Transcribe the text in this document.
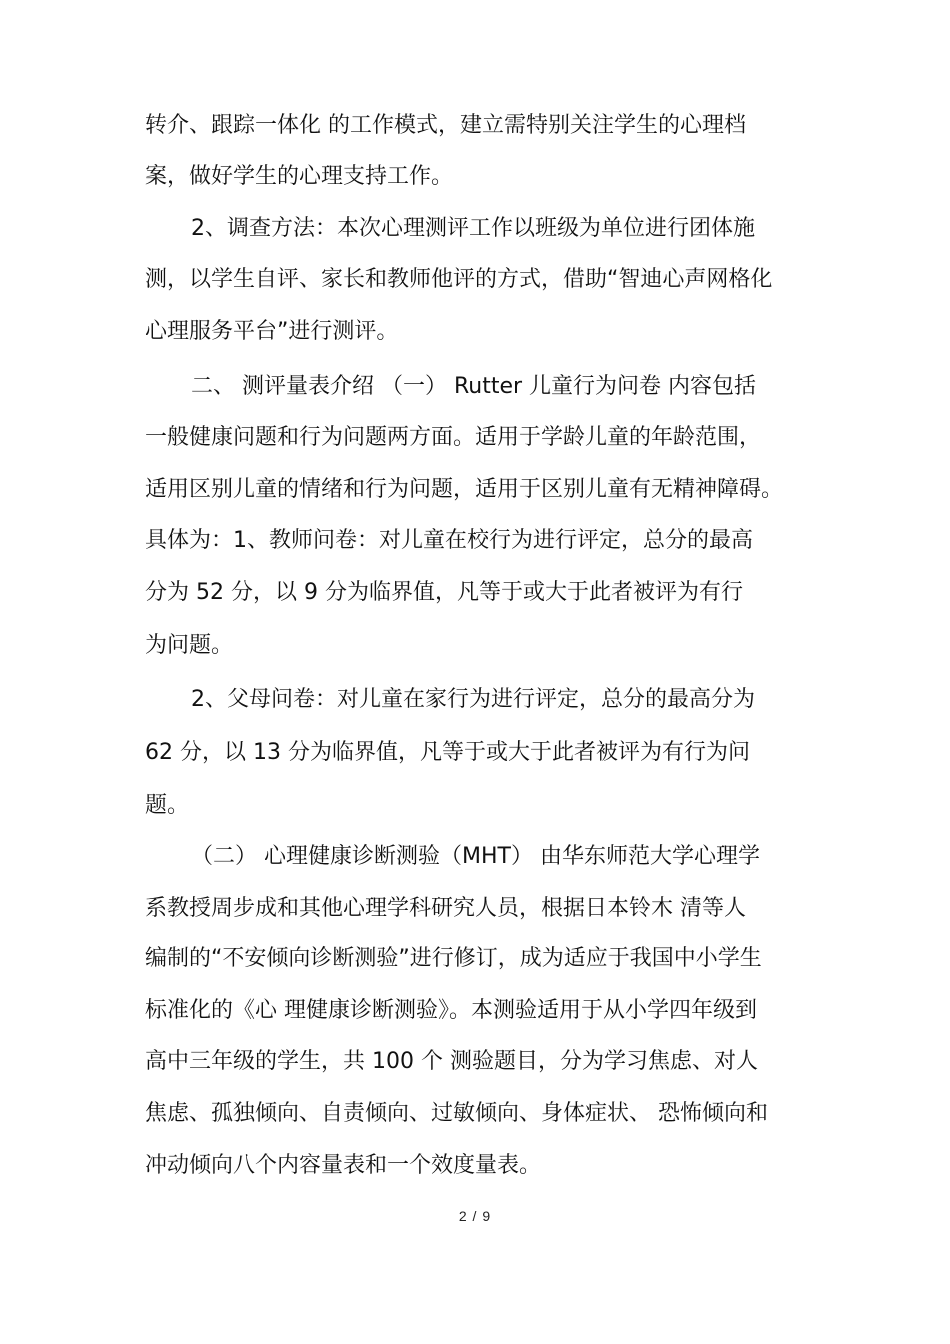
转介、跟踪一体化 的工作模式，建立需特别关注学生的心理档
案，做好学生的心理支持工作。
2、调查方法：本次心理测评工作以班级为单位进行团体施
测，以学生自评、家长和教师他评的方式，借助“智迪心声网格化
心理服务平台”进行测评。
二、 测评量表介绍 （一） Rutter 儿童行为问卷 内容包括
一般健康问题和行为问题两方面。适用于学龄儿童的年龄范围，
适用区别儿童的情绪和行为问题，适用于区别儿童有无精神障碍。
具体为：1、教师问卷：对儿童在校行为进行评定，总分的最高
分为 52 分，以 9 分为临界值，凡等于或大于此者被评为有行
为问题。
2、父母问卷：对儿童在家行为进行评定，总分的最高分为
62 分，以 13 分为临界值，凡等于或大于此者被评为有行为问
题。
（二） 心理健康诊断测验（MHT） 由华东师范大学心理学
系教授周步成和其他心理学科研究人员，根据日本铃木 清等人
编制的“不安倾向诊断测验”进行修订，成为适应于我国中小学生
标准化的《心 理健康诊断测验》。本测验适用于从小学四年级到
高中三年级的学生，共 100 个 测验题目，分为学习焦虑、对人
焦虑、孤独倾向、自责倾向、过敏倾向、身体症状、 恐怖倾向和
冲动倾向八个内容量表和一个效度量表。
2 / 9
